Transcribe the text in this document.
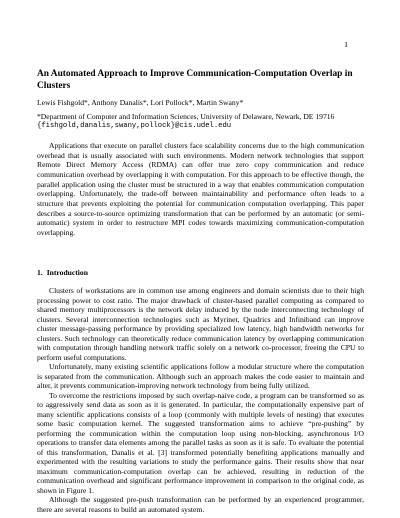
1
An Automated Approach to Improve Communication-Computation Overlap in Clusters
Lewis Fishgold*, Anthony Danalis*, Lori Pollock*, Martin Swany*
*Department of Computer and Information Sciences, University of Delaware, Newark, DE 19716
{fishgold,danalis,swany,pollock}@cis.udel.edu

Applications that execute on parallel clusters face scalability concerns due to the high communication overhead that is usually associated with such environments. Modern network technologies that support Remote Direct Memory Access (RDMA) can offer true zero copy communication and reduce communication overhead by overlapping it with computation. For this approach to be effective though, the parallel application using the cluster must be structured in a way that enables communication computation overlapping. Unfortunately, the trade-off between maintainability and performance often leads to a structure that prevents exploiting the potential for communication computation overlapping. This paper describes a source-to-source optimizing transformation that can be performed by an automatic (or semi-automatic) system in order to restructure MPI codes towards maximizing communication-computation overlapping.

1. Introduction

Clusters of workstations are in common use among engineers and domain scientists due to their high processing power to cost ratio. The major drawback of cluster-based parallel computing as compared to shared memory multiprocessors is the network delay induced by the node interconnecting technology of clusters. Several interconnection technologies such as Myrinet, Quadrics and Infiniband can improve cluster message-passing performance by providing specialized low latency, high bandwidth networks for clusters. Such technology can theoretically reduce communication latency by overlapping communication with computation through handling network traffic solely on a network co-processor, freeing the CPU to perform useful computations.

Unfortunately, many existing scientific applications follow a modular structure where the computation is separated from the communication. Although such an approach makes the code easier to maintain and alter, it prevents communication-improving network technology from being fully utilized.

To overcome the restrictions imposed by such overlap-naive code, a program can be transformed so as to aggressively send data as soon as it is generated. In particular, the computationally expensive part of many scientific applications consists of a loop (commonly with multiple levels of nesting) that executes some basic computation kernel. The suggested transformation aims to achieve “pre-pushing” by performing the communication within the computation loop using non-blocking, asynchronous I/O operations to transfer data elements among the parallel tasks as soon as it is safe. To evaluate the potential of this transformation, Danalis et al. [3] transformed potentially benefiting applications manually and experimented with the resulting variations to study the performance gains. Their results show that near maximum communication-computation overlap can be achieved, resulting in reduction of the communication overhead and significant performance improvement in comparison to the original code, as shown in Figure 1.

Although the suggested pre-push transformation can be performed by an experienced programmer, there are several reasons to build an automated system.
